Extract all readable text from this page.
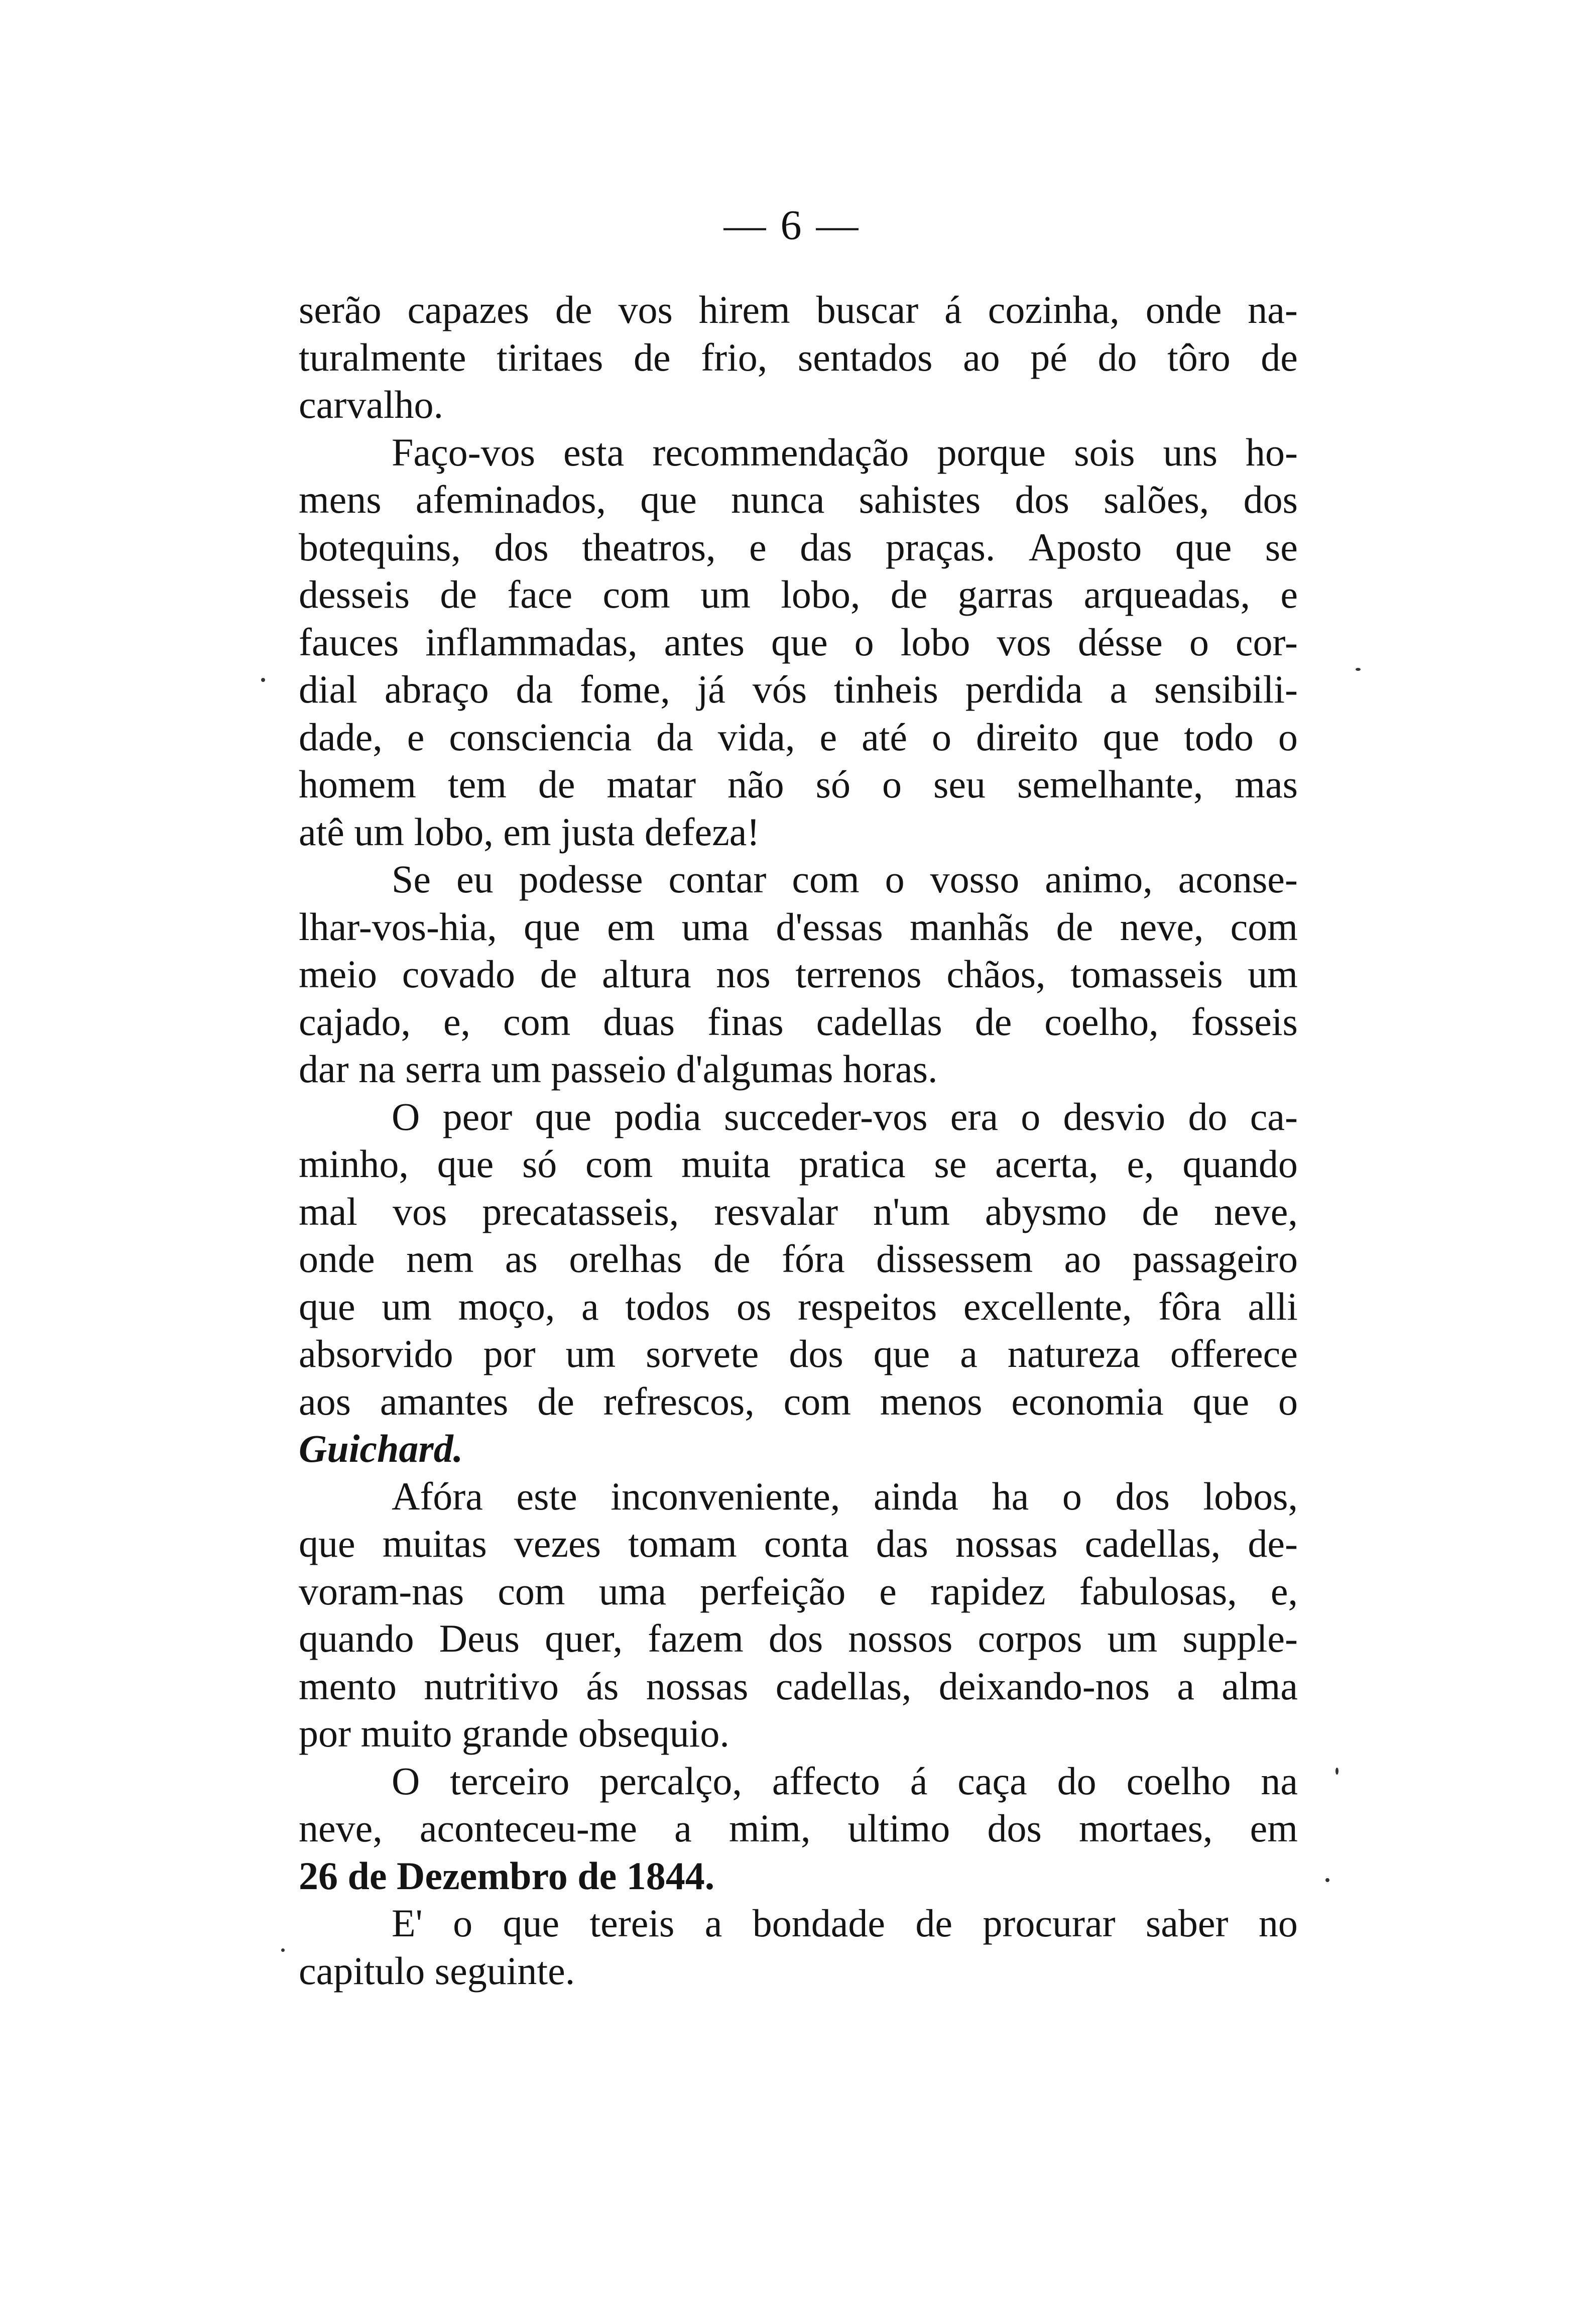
— 6 —
serão capazes de vos hirem buscar á cozinha, onde na-
turalmente tiritaes de frio, sentados ao pé do tôro de
carvalho.
Faço-vos esta recommendação porque sois uns ho-
mens afeminados, que nunca sahistes dos salões, dos
botequins, dos theatros, e das praças. Aposto que se
desseis de face com um lobo, de garras arqueadas, e
fauces inflammadas, antes que o lobo vos désse o cor-
dial abraço da fome, já vós tinheis perdida a sensibili-
dade, e consciencia da vida, e até o direito que todo o
homem tem de matar não só o seu semelhante, mas
atê um lobo, em justa defeza!
Se eu podesse contar com o vosso animo, aconse-
lhar-vos-hia, que em uma d'essas manhãs de neve, com
meio covado de altura nos terrenos chãos, tomasseis um
cajado, e, com duas finas cadellas de coelho, fosseis
dar na serra um passeio d'algumas horas.
O peor que podia succeder-vos era o desvio do ca-
minho, que só com muita pratica se acerta, e, quando
mal vos precatasseis, resvalar n'um abysmo de neve,
onde nem as orelhas de fóra dissessem ao passageiro
que um moço, a todos os respeitos excellente, fôra alli
absorvido por um sorvete dos que a natureza offerece
aos amantes de refrescos, com menos economia que o
Guichard.
Afóra este inconveniente, ainda ha o dos lobos,
que muitas vezes tomam conta das nossas cadellas, de-
voram-nas com uma perfeição e rapidez fabulosas, e,
quando Deus quer, fazem dos nossos corpos um supple-
mento nutritivo ás nossas cadellas, deixando-nos a alma
por muito grande obsequio.
O terceiro percalço, affecto á caça do coelho na
neve, aconteceu-me a mim, ultimo dos mortaes, em
26 de Dezembro de 1844.
E' o que tereis a bondade de procurar saber no
capitulo seguinte.
